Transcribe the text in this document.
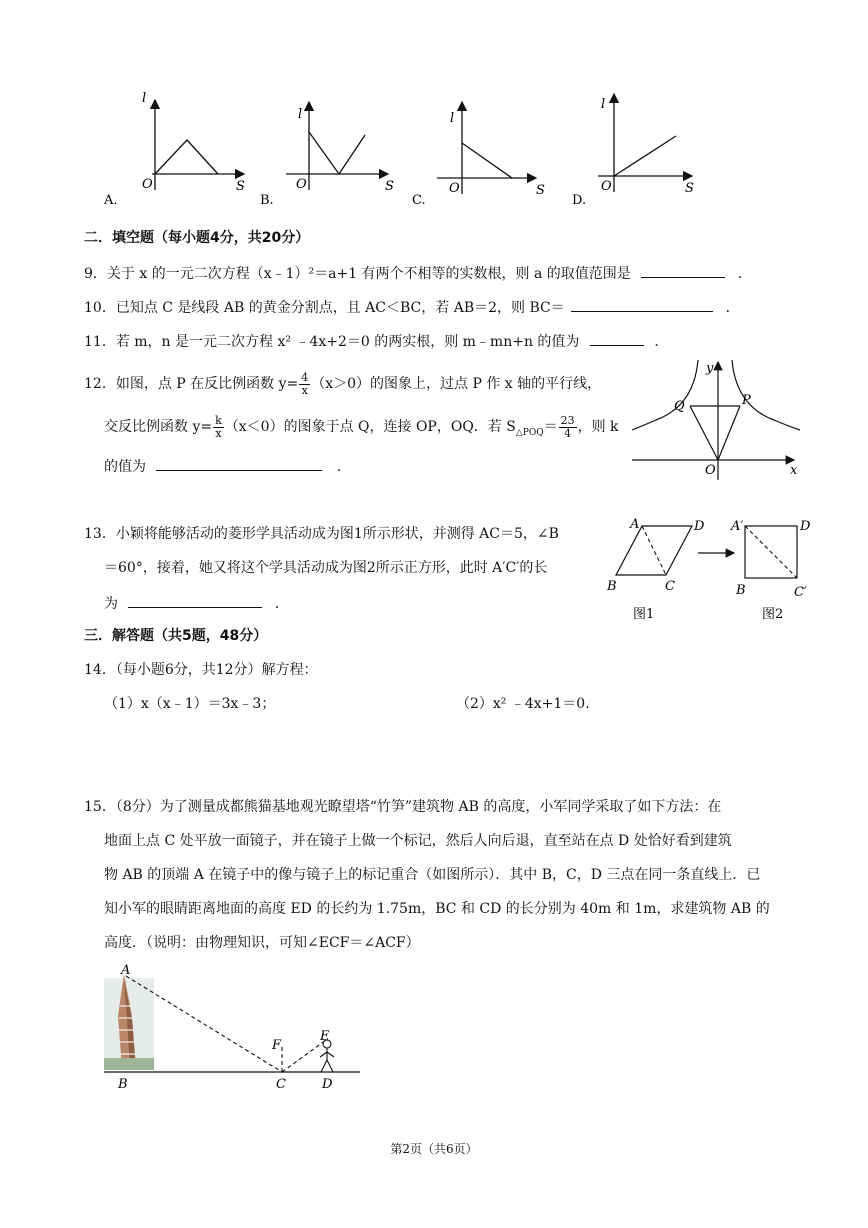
l
S
O
A.
l
S
O
B.
l
S
O
C.
l
S
O
D.
二．填空题（每小题4分，共20分）
9．关于 x 的一元二次方程（x﹣1）²＝a+1 有两个不相等的实数根，则 a 的取值范围是	．
10．已知点 C 是线段 AB 的黄金分割点，且 AC＜BC，若 AB＝2，则 BC＝	．
11．若 m，n 是一元二次方程 x² ﹣4x+2＝0 的两实根，则 m﹣mn+n 的值为	．
12．如图，点 P 在反比例函数 $y= \frac{4}{x} (x>0)$的图象上，过点 P 作 x 轴的平行线，
交反比例函数 $y= \frac{k}{x} (x<0)$的图象于点 Q，连接 OP，OQ．若 $S_{\triangle POQ}= \frac{23}{4}$ ，则 k
的值为	．
y
x
O
P
Q
13．小颖将能够活动的菱形学具活动成为图1所示形状，并测得 AC＝5，∠B
＝60°，接着，她又将这个学具活动成为图2所示正方形，此时 A′C′的长
为	．
A	D
B	C
图1
A′	D
B	C′
图2
三．解答题（共5题，48分）
14．（每小题6分，共12分）解方程：
（1）x（x﹣1）＝3x﹣3；	（2）x² ﹣4x+1＝0.
15．（8分）为了测量成都熊猫基地观光瞭望塔“竹笋”建筑物 AB 的高度，小军同学采取了如下方法：在
地面上点 C 处平放一面镜子，并在镜子上做一个标记，然后人向后退，直至站在点 D 处恰好看到建筑
物 AB 的顶端 A 在镜子中的像与镜子上的标记重合（如图所示）．其中 B，C，D 三点在同一条直线上．已
知小军的眼睛距离地面的高度 ED 的长约为 1.75m，BC 和 CD 的长分别为 40m 和 1m，求建筑物 AB 的
高度．（说明：由物理知识，可知∠ECF＝∠ACF）
A
B	C	D
E
F
第2页（共6页）
